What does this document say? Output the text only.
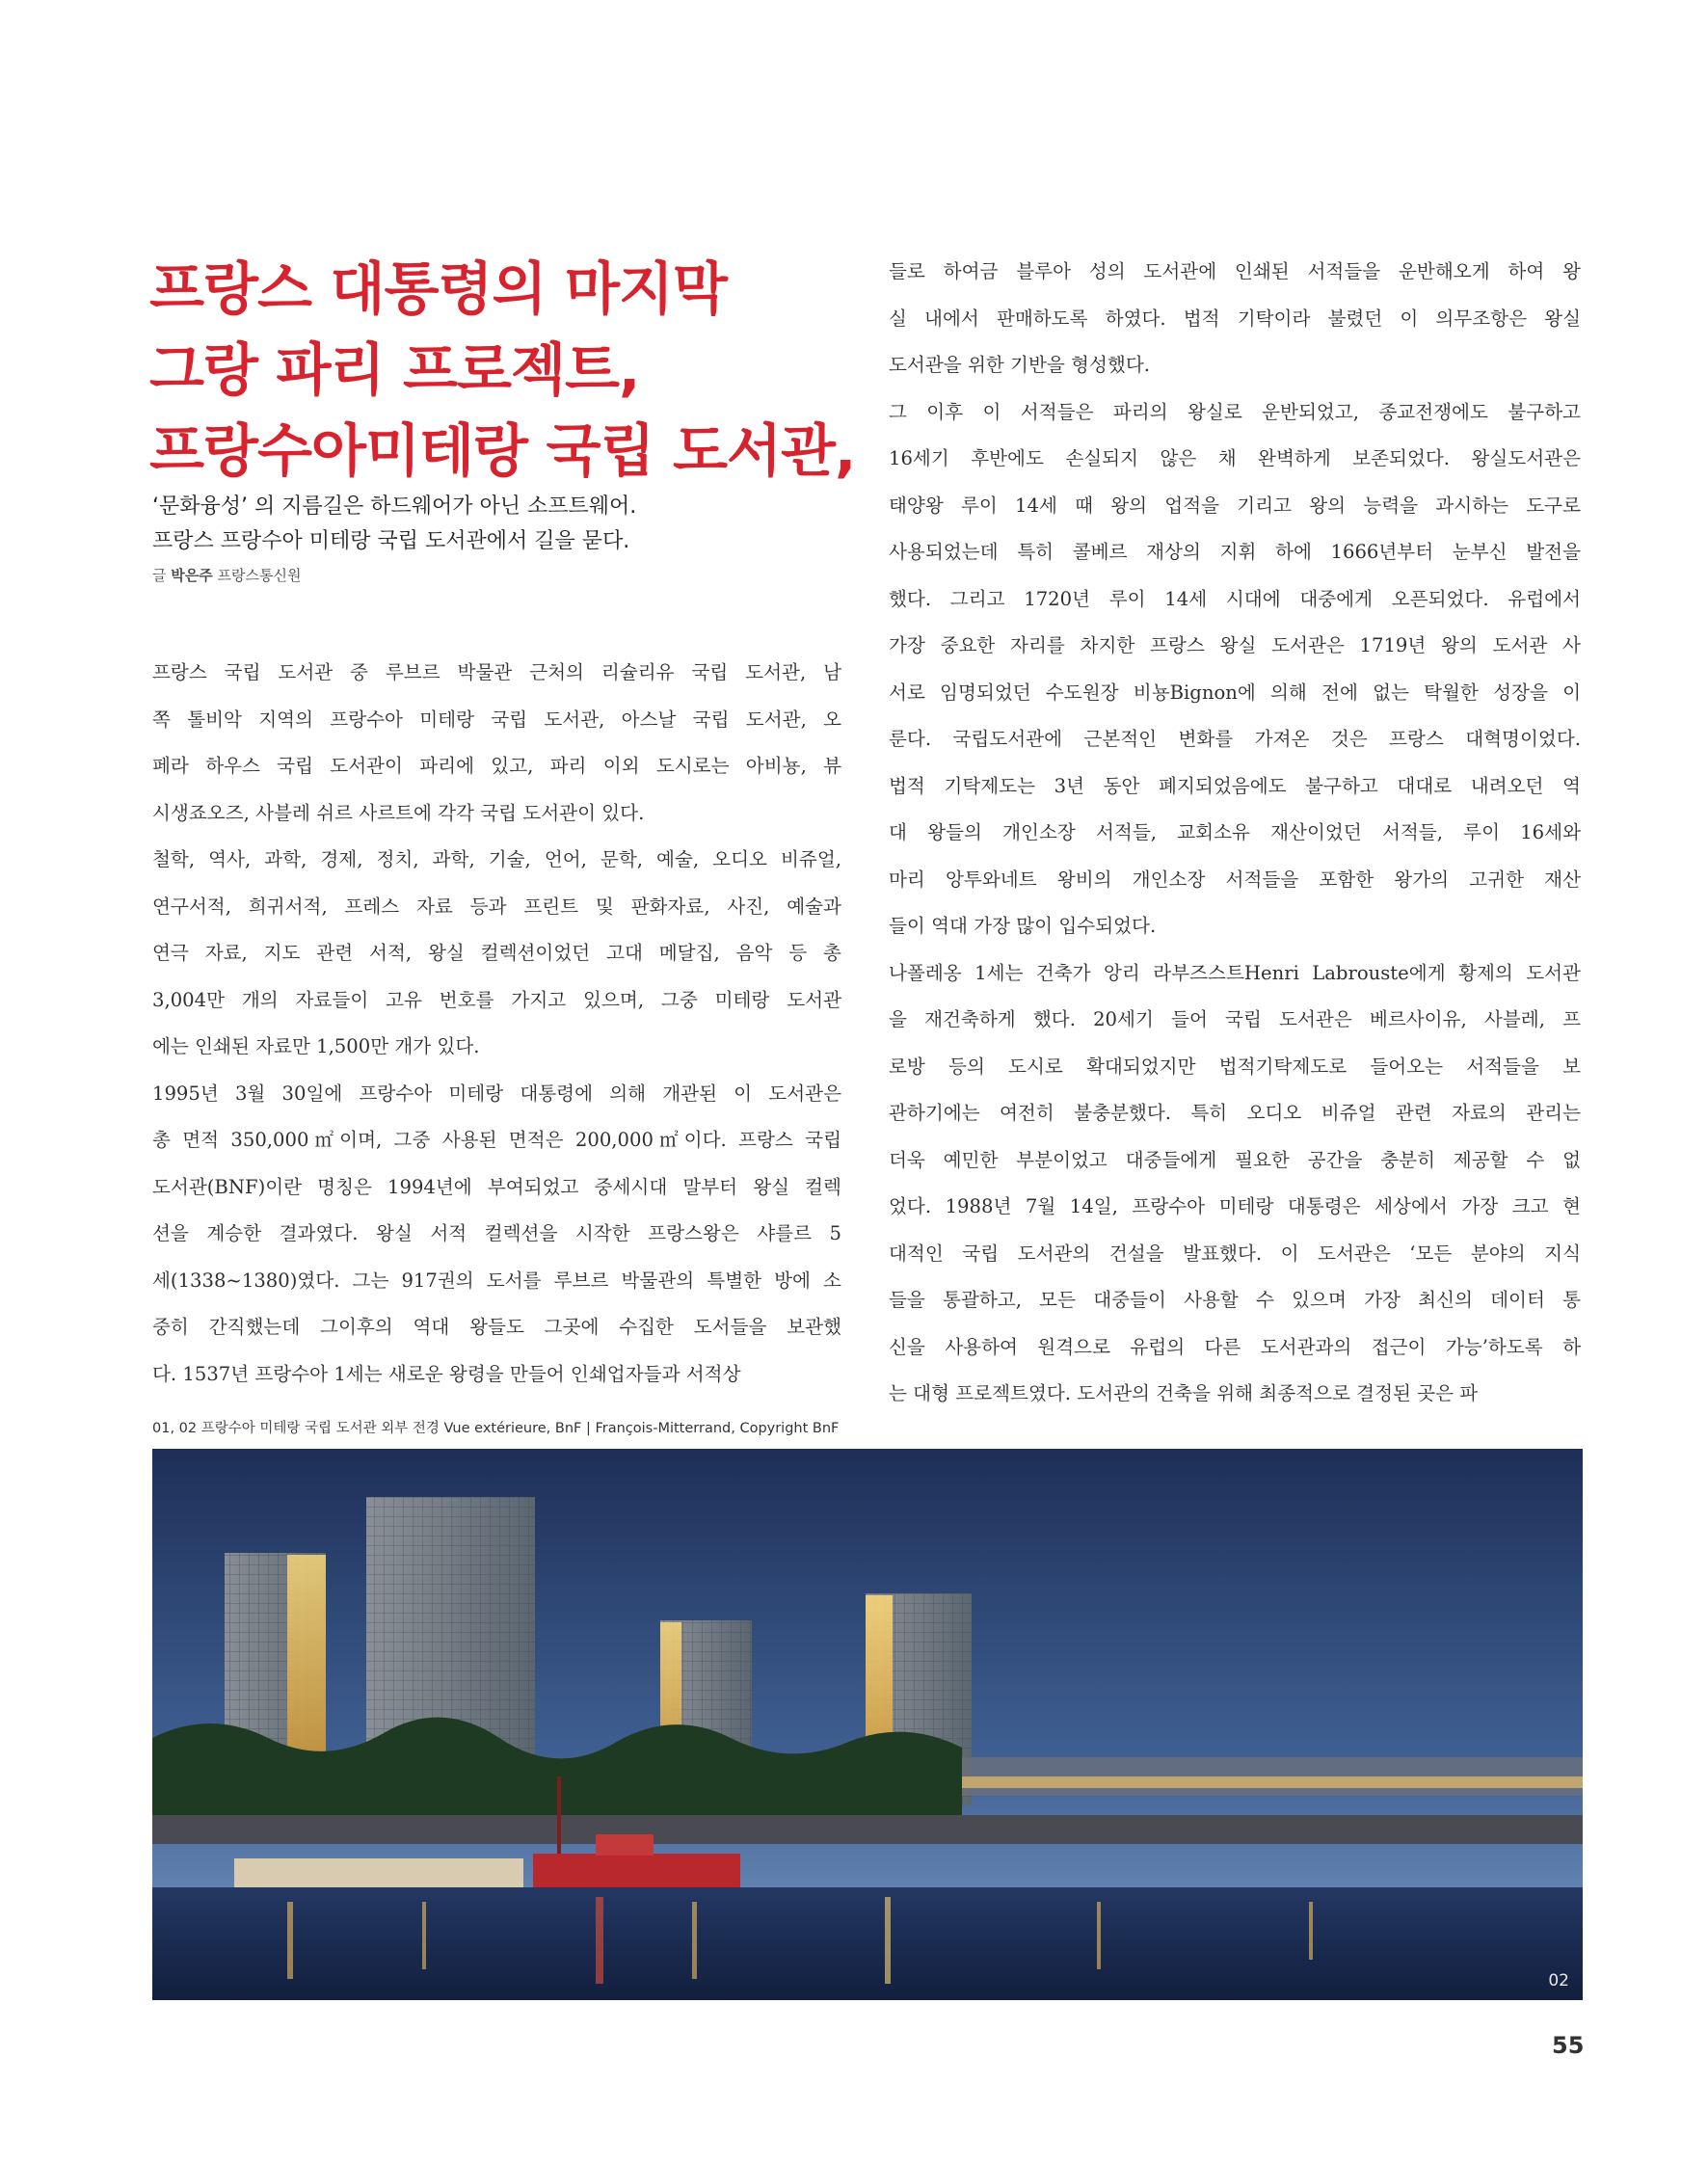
프랑스 대통령의 마지막
그랑 파리 프로젝트,
프랑수아미테랑 국립 도서관,
‘문화융성’ 의 지름길은 하드웨어가 아닌 소프트웨어.
프랑스 프랑수아 미테랑 국립 도서관에서 길을 묻다.
글 박은주 프랑스통신원
프랑스 국립 도서관 중 루브르 박물관 근처의 리슐리유 국립 도서관, 남
쪽 톨비악 지역의 프랑수아 미테랑 국립 도서관, 아스날 국립 도서관, 오
페라 하우스 국립 도서관이 파리에 있고, 파리 이외 도시로는 아비뇽, 뷰
시생죠오즈, 사블레 쉬르 사르트에 각각 국립 도서관이 있다.
철학, 역사, 과학, 경제, 정치, 과학, 기술, 언어, 문학, 예술, 오디오 비쥬얼,
연구서적, 희귀서적, 프레스 자료 등과 프린트 및 판화자료, 사진, 예술과
연극 자료, 지도 관련 서적, 왕실 컬렉션이었던 고대 메달집, 음악 등 총
3,004만 개의 자료들이 고유 번호를 가지고 있으며, 그중 미테랑 도서관
에는 인쇄된 자료만 1,500만 개가 있다.
1995년 3월 30일에 프랑수아 미테랑 대통령에 의해 개관된 이 도서관은
총 면적 350,000㎡이며, 그중 사용된 면적은 200,000㎡이다. 프랑스 국립
도서관(BNF)이란 명칭은 1994년에 부여되었고 중세시대 말부터 왕실 컬렉
션을 계승한 결과였다. 왕실 서적 컬렉션을 시작한 프랑스왕은 샤를르 5
세(1338~1380)였다. 그는 917권의 도서를 루브르 박물관의 특별한 방에 소
중히 간직했는데 그이후의 역대 왕들도 그곳에 수집한 도서들을 보관했
다. 1537년 프랑수아 1세는 새로운 왕령을 만들어 인쇄업자들과 서적상
들로 하여금 블루아 성의 도서관에 인쇄된 서적들을 운반해오게 하여 왕
실 내에서 판매하도록 하였다. 법적 기탁이라 불렸던 이 의무조항은 왕실
도서관을 위한 기반을 형성했다.
그 이후 이 서적들은 파리의 왕실로 운반되었고, 종교전쟁에도 불구하고
16세기 후반에도 손실되지 않은 채 완벽하게 보존되었다. 왕실도서관은
태양왕 루이 14세 때 왕의 업적을 기리고 왕의 능력을 과시하는 도구로
사용되었는데 특히 콜베르 재상의 지휘 하에 1666년부터 눈부신 발전을
했다. 그리고 1720년 루이 14세 시대에 대중에게 오픈되었다. 유럽에서
가장 중요한 자리를 차지한 프랑스 왕실 도서관은 1719년 왕의 도서관 사
서로 임명되었던 수도원장 비뇽Bignon에 의해 전에 없는 탁월한 성장을 이
룬다. 국립도서관에 근본적인 변화를 가져온 것은 프랑스 대혁명이었다.
법적 기탁제도는 3년 동안 폐지되었음에도 불구하고 대대로 내려오던 역
대 왕들의 개인소장 서적들, 교회소유 재산이었던 서적들, 루이 16세와
마리 앙투와네트 왕비의 개인소장 서적들을 포함한 왕가의 고귀한 재산
들이 역대 가장 많이 입수되었다.
나폴레옹 1세는 건축가 앙리 라부즈스트Henri Labrouste에게 황제의 도서관
을 재건축하게 했다. 20세기 들어 국립 도서관은 베르사이유, 사블레, 프
로방 등의 도시로 확대되었지만 법적기탁제도로 들어오는 서적들을 보
관하기에는 여전히 불충분했다. 특히 오디오 비쥬얼 관련 자료의 관리는
더욱 예민한 부분이었고 대중들에게 필요한 공간을 충분히 제공할 수 없
었다. 1988년 7월 14일, 프랑수아 미테랑 대통령은 세상에서 가장 크고 현
대적인 국립 도서관의 건설을 발표했다. 이 도서관은 ‘모든 분야의 지식
들을 통괄하고, 모든 대중들이 사용할 수 있으며 가장 최신의 데이터 통
신을 사용하여 원격으로 유럽의 다른 도서관과의 접근이 가능’하도록 하
는 대형 프로젝트였다. 도서관의 건축을 위해 최종적으로 결정된 곳은 파
01, 02 프랑수아 미테랑 국립 도서관 외부 전경 Vue extérieure, BnF | François-Mitterrand, Copyright BnF
02
55
